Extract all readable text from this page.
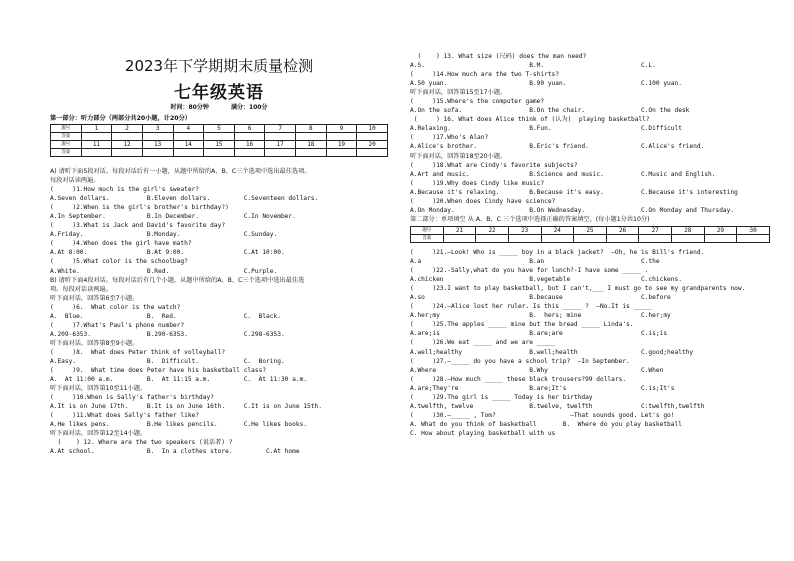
2023年下学期期末质量检测
七年级英语
时间：80分钟	满分：100分
第一部分：听力部分（两部分共20小题，计20分）
题号	1	2	3	4	5	6	7	8	9	10
答案										
题号	11	12	13	14	15	16	17	18	19	20
答案										
A) 请听下面5段对话。每段对话后有一小题，从题中所给的A、B、C三个选项中选出最佳选项。
每段对话读两遍。
(     )1.How much is the girl's sweater?
A.Seven dollars.          B.Eleven dollars.         C.Seventeen dollars.
(     )2.When is the girl's brother's birthday?)
A.In September.           B.In December.            C.In November.
(     )3.What is Jack and David's favorite day?
A.Friday.                 B.Monday.                 C.Sunday.
(     )4.When does the girl have math?
A.At 8:00.                B.At 9:00.                C.At 10:00.
(     )5.What color is the schoolbag?
A.White.                  B.Red.                    C.Purple.
B) 请听下面4段对话。每段对话后有几个小题，从题中所给的A、B、C三个选项中选出最佳选
项。每段对话读两遍。
听下面对话，回答第6至7小题。
(     )6.  What color is the watch?
A.  Blue.                 B.  Red.                  C.  Black.
(     )7.What's Paul's phone number?
A.209-6353.               B.290-6353.               C.298-6353.
听下面对话，回答第8至9小题。
(     )8.  What does Peter think of volleyball?
A.Easy.                   B.  Difficult.            C.  Boring.
(     )9.  What time does Peter have his basketball class?
A.  At 11:00 a.m.         B.  At 11:15 a.m.         C.  At 11:30 a.m.
听下面对话，回答第10至11小题。
(     )10.When is Sally's father's birthday?
A.It is on June 17th.     B.It is on June 16th.     C.It is on June 15th.
(     )11.What does Sally's father like?
A.He likes pens.          B.He likes pencils.       C.He likes books.
听下面对话，回答第12至14小题。
(    ) 12. Where are the two speakers (说话者) ?
A.At school.              B.  In a clothes store.         C.At home
(    ) 13. What size (尺码) does the man need?
A.S.                            B.M.                          C.L.
(     )14.How much are the two T-shirts?
A.50 yuan.                      B.90 yuan.                    C.100 yuan.
听下面对话，回答第15至17小题。
(     )15.Where's the computer game?
A.On the sofa.                  B.On the chair.               C.On the desk
(     ) 16. What does Alice think of (认为)  playing basketball?
A.Relaxing.                     B.Fun.                        C.Difficult
(     )17.Who's Alan?
A.Alice's brother.              B.Eric's friend.              C.Alice's friend.
听下面对话，回答第18至20小题。
(     )18.What are Cindy's favorite subjects?
A.Art and music.                B.Science and music.          C.Music and English.
(     )19.Why does Cindy like music?
A.Because it's relaxing.        B.Because it's easy.          C.Because it's interesting
(     )20.When does Cindy have science?
A.On Monday.                    B.On Wednesday.               C.On Monday and Thursday.
第二部分：单项填空 从 A、B、C 三个选项中选择正确的答案填空。(每小题1分共10分)
题号	21	22	23	24	25	26	27	28	29	30
答案										
(     )21.—Look! Who is _____ boy in a black jacket?  —Oh, he is Bill's friend.
A.a                             B.an                          C.the
(     )22.-Sally,what do you have for lunch?-I have some _____ .
A.chicken                       B.vegetable                   C.chickens.
(     )23.I want to play basketball, but I can't,___ I must go to see my grandparents now.
A.so                            B.because                     C.before
(     )24.—Alice lost her ruler. Is this _____ ?  —No.It is _____
A.her;my                        B.  hers; mine                C.her;my
(     )25.The apples _____ mine but the bread _____ Linda's.
A.are;is                        B.are;are                     C.is;is
(     )26.We eat _____ and we are _____
A.well;healthy                  B.well;health                 C.good;healthy
(     )27.—_____ do you have a school trip?  —In September.
A.Where                         B.Why                         C.When
(     )28.—How much _____ these black trousers?99 dollars.
A.are;They're                   B.are;It's                    C.is;It's
(     )29.The girl is _____ Today is her birthday
A.twelfth, twelve               B.twelve, twelfth             C:twelfth,twelfth
(     )30.—_____ , Tom?                    —That sounds good. Let's go!
A. What do you think of basketball       B.  Where do you play basketball
C. How about playing basketball with us
